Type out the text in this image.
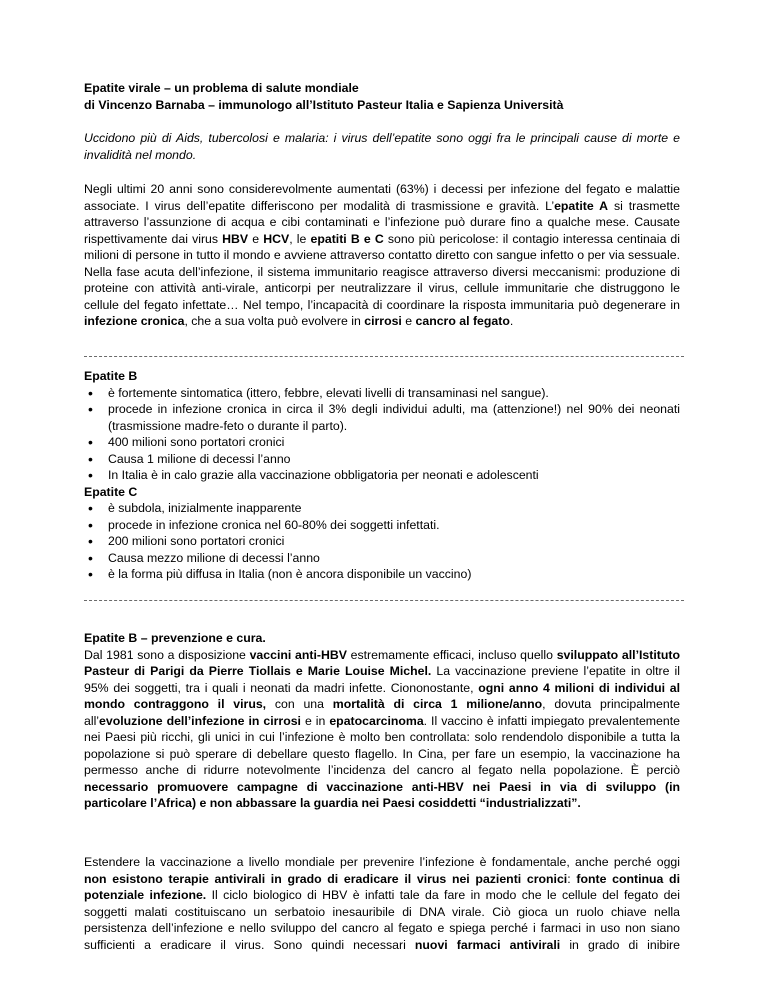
Epatite virale – un problema di salute mondiale

di Vincenzo Barnaba – immunologo all’Istituto Pasteur Italia e Sapienza Università

Uccidono più di Aids, tubercolosi e malaria: i virus dell’epatite sono oggi fra le principali cause di morte e invalidità nel mondo.

Negli ultimi 20 anni sono considerevolmente aumentati (63%) i decessi per infezione del fegato e malattie associate. I virus dell’epatite differiscono per modalità di trasmissione e gravità. L’epatite A si trasmette attraverso l’assunzione di acqua e cibi contaminati e l’infezione può durare fino a qualche mese. Causate rispettivamente dai virus HBV e HCV, le epatiti B e C sono più pericolose: il contagio interessa centinaia di milioni di persone in tutto il mondo e avviene attraverso contatto diretto con sangue infetto o per via sessuale. Nella fase acuta dell’infezione, il sistema immunitario reagisce attraverso diversi meccanismi: produzione di proteine con attività anti-virale, anticorpi per neutralizzare il virus, cellule immunitarie che distruggono le cellule del fegato infettate… Nel tempo, l’incapacità di coordinare la risposta immunitaria può degenerare in infezione cronica, che a sua volta può evolvere in cirrosi e cancro al fegato.

Epatite B

• è fortemente sintomatica (ittero, febbre, elevati livelli di transaminasi nel sangue).
• procede in infezione cronica in circa il 3% degli individui adulti, ma (attenzione!) nel 90% dei neonati (trasmissione madre-feto o durante il parto).
• 400 milioni sono portatori cronici
• Causa 1 milione di decessi l’anno
• In Italia è in calo grazie alla vaccinazione obbligatoria per neonati e adolescenti

Epatite C

• è subdola, inizialmente inapparente
• procede in infezione cronica nel 60-80% dei soggetti infettati.
• 200 milioni sono portatori cronici
• Causa mezzo milione di decessi l’anno
• è la forma più diffusa in Italia (non è ancora disponibile un vaccino)

Epatite B – prevenzione e cura.

Dal 1981 sono a disposizione vaccini anti-HBV estremamente efficaci, incluso quello sviluppato all’Istituto Pasteur di Parigi da Pierre Tiollais e Marie Louise Michel. La vaccinazione previene l’epatite in oltre il 95% dei soggetti, tra i quali i neonati da madri infette. Ciononostante, ogni anno 4 milioni di individui al mondo contraggono il virus, con una mortalità di circa 1 milione/anno, dovuta principalmente all’evoluzione dell’infezione in cirrosi e in epatocarcinoma. Il vaccino è infatti impiegato prevalentemente nei Paesi più ricchi, gli unici in cui l’infezione è molto ben controllata: solo rendendolo disponibile a tutta la popolazione si può sperare di debellare questo flagello. In Cina, per fare un esempio, la vaccinazione ha permesso anche di ridurre notevolmente l’incidenza del cancro al fegato nella popolazione. È perciò necessario promuovere campagne di vaccinazione anti-HBV nei Paesi in via di sviluppo (in particolare l’Africa) e non abbassare la guardia nei Paesi cosiddetti “industrializzati”.

Estendere la vaccinazione a livello mondiale per prevenire l’infezione è fondamentale, anche perché oggi non esistono terapie antivirali in grado di eradicare il virus nei pazienti cronici: fonte continua di potenziale infezione. Il ciclo biologico di HBV è infatti tale da fare in modo che le cellule del fegato dei soggetti malati costituiscano un serbatoio inesauribile di DNA virale. Ciò gioca un ruolo chiave nella persistenza dell’infezione e nello sviluppo del cancro al fegato e spiega perché i farmaci in uso non siano sufficienti a eradicare il virus. Sono quindi necessari nuovi farmaci antivirali in grado di inibire
